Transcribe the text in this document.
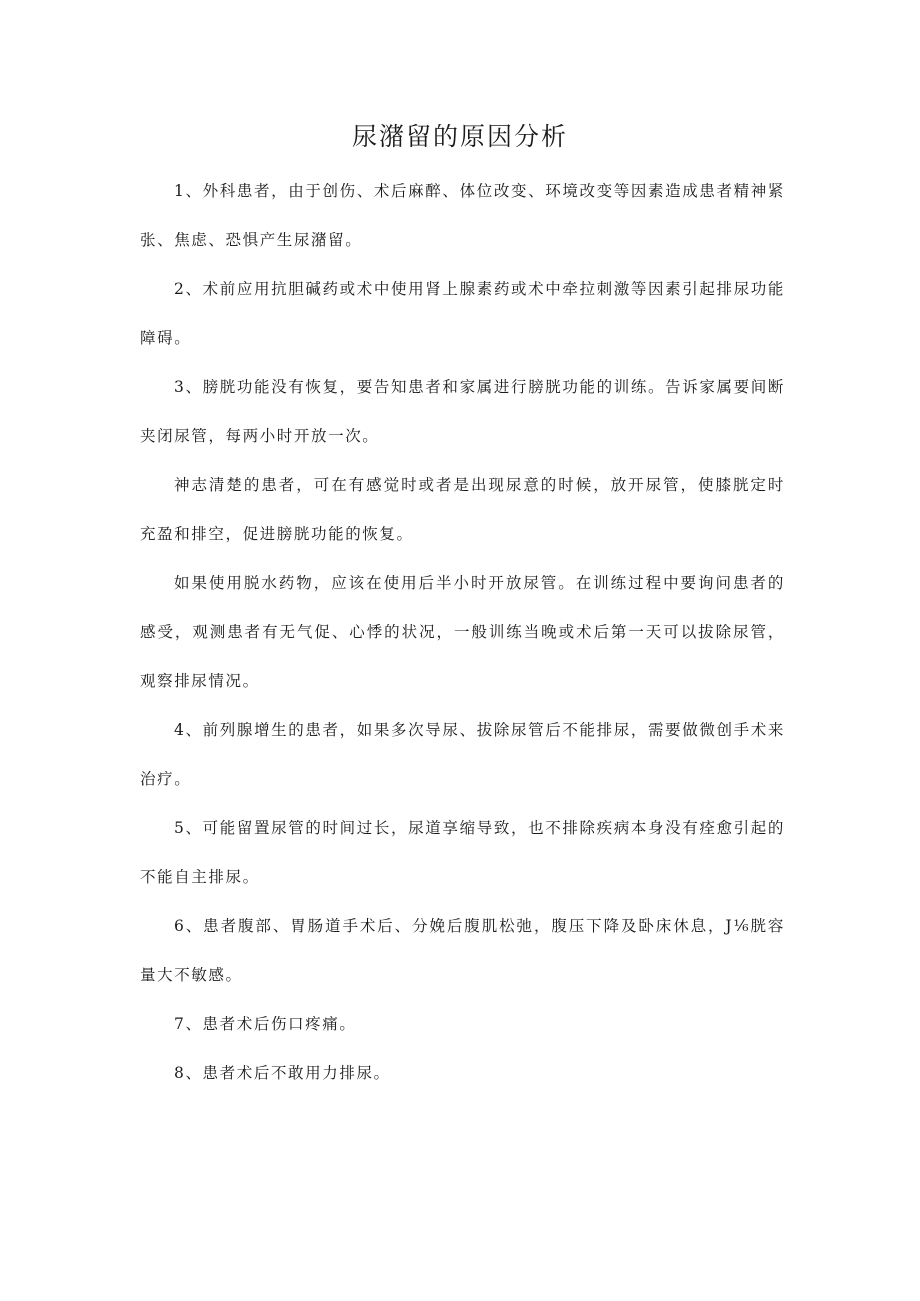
尿潴留的原因分析

1、外科患者，由于创伤、术后麻醉、体位改变、环境改变等因素造成患者精神紧张、焦虑、恐惧产生尿潴留。

2、术前应用抗胆碱药或术中使用肾上腺素药或术中牵拉刺激等因素引起排尿功能障碍。

3、膀胱功能没有恢复，要告知患者和家属进行膀胱功能的训练。告诉家属要间断夹闭尿管，每两小时开放一次。

神志清楚的患者，可在有感觉时或者是出现尿意的时候，放开尿管，使膝胱定时充盈和排空，促进膀胱功能的恢复。

如果使用脱水药物，应该在使用后半小时开放尿管。在训练过程中要询问患者的感受，观测患者有无气促、心悸的状况，一般训练当晚或术后第一天可以拔除尿管，观察排尿情况。

4、前列腺增生的患者，如果多次导尿、拔除尿管后不能排尿，需要做微创手术来治疗。

5、可能留置尿管的时间过长，尿道享缩导致，也不排除疾病本身没有痊愈引起的不能自主排尿。

6、患者腹部、胃肠道手术后、分娩后腹肌松弛，腹压下降及卧床休息，J⅙胱容量大不敏感。

7、患者术后伤口疼痛。

8、患者术后不敢用力排尿。
